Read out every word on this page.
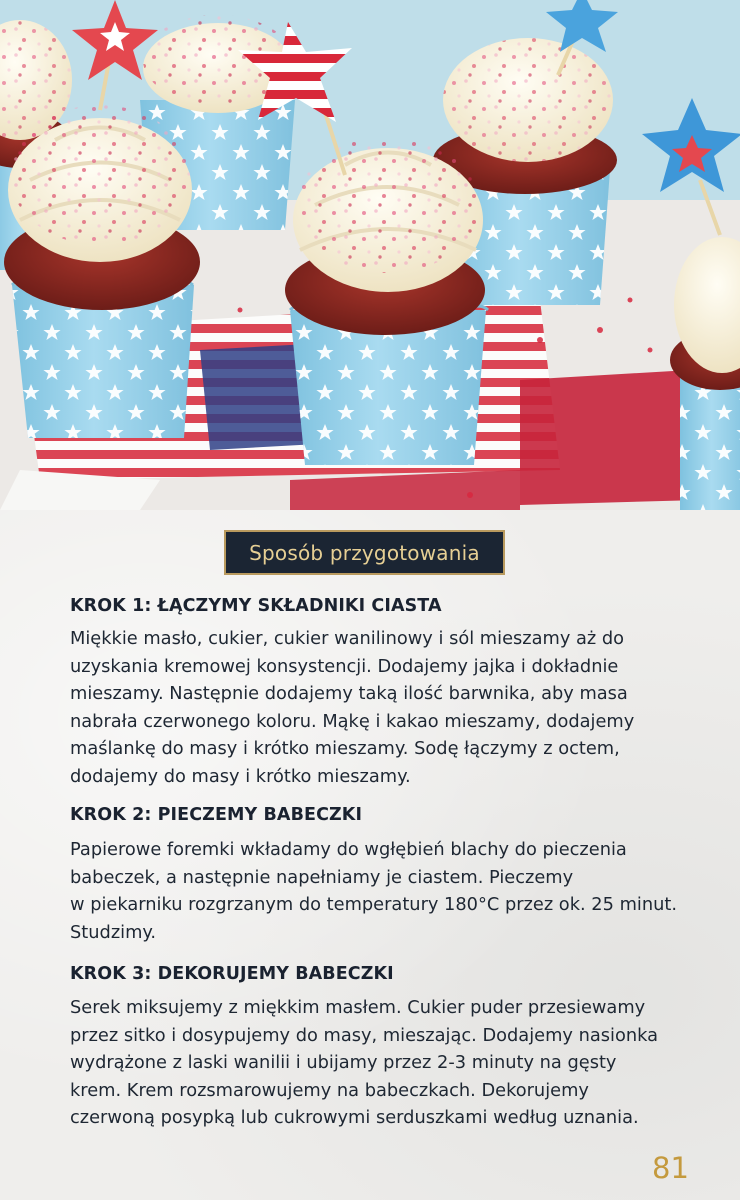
Sposób przygotowania
KROK 1: ŁĄCZYMY SKŁADNIKI CIASTA
Miękkie masło, cukier, cukier wanilinowy i sól mieszamy aż do
uzyskania kremowej konsystencji. Dodajemy jajka i dokładnie
mieszamy. Następnie dodajemy taką ilość barwnika, aby masa
nabrała czerwonego koloru. Mąkę i kakao mieszamy, dodajemy
maślankę do masy i krótko mieszamy. Sodę łączymy z octem,
dodajemy do masy i krótko mieszamy.
KROK 2: PIECZEMY BABECZKI
Papierowe foremki wkładamy do wgłębień blachy do pieczenia
babeczek, a następnie napełniamy je ciastem. Pieczemy
w piekarniku rozgrzanym do temperatury 180°C przez ok. 25 minut.
Studzimy.
KROK 3: DEKORUJEMY BABECZKI
Serek miksujemy z miękkim masłem. Cukier puder przesiewamy
przez sitko i dosypujemy do masy, mieszając. Dodajemy nasionka
wydrążone z laski wanilii i ubijamy przez 2-3 minuty na gęsty
krem. Krem rozsmarowujemy na babeczkach. Dekorujemy
czerwoną posypką lub cukrowymi serduszkami według uznania.
81
